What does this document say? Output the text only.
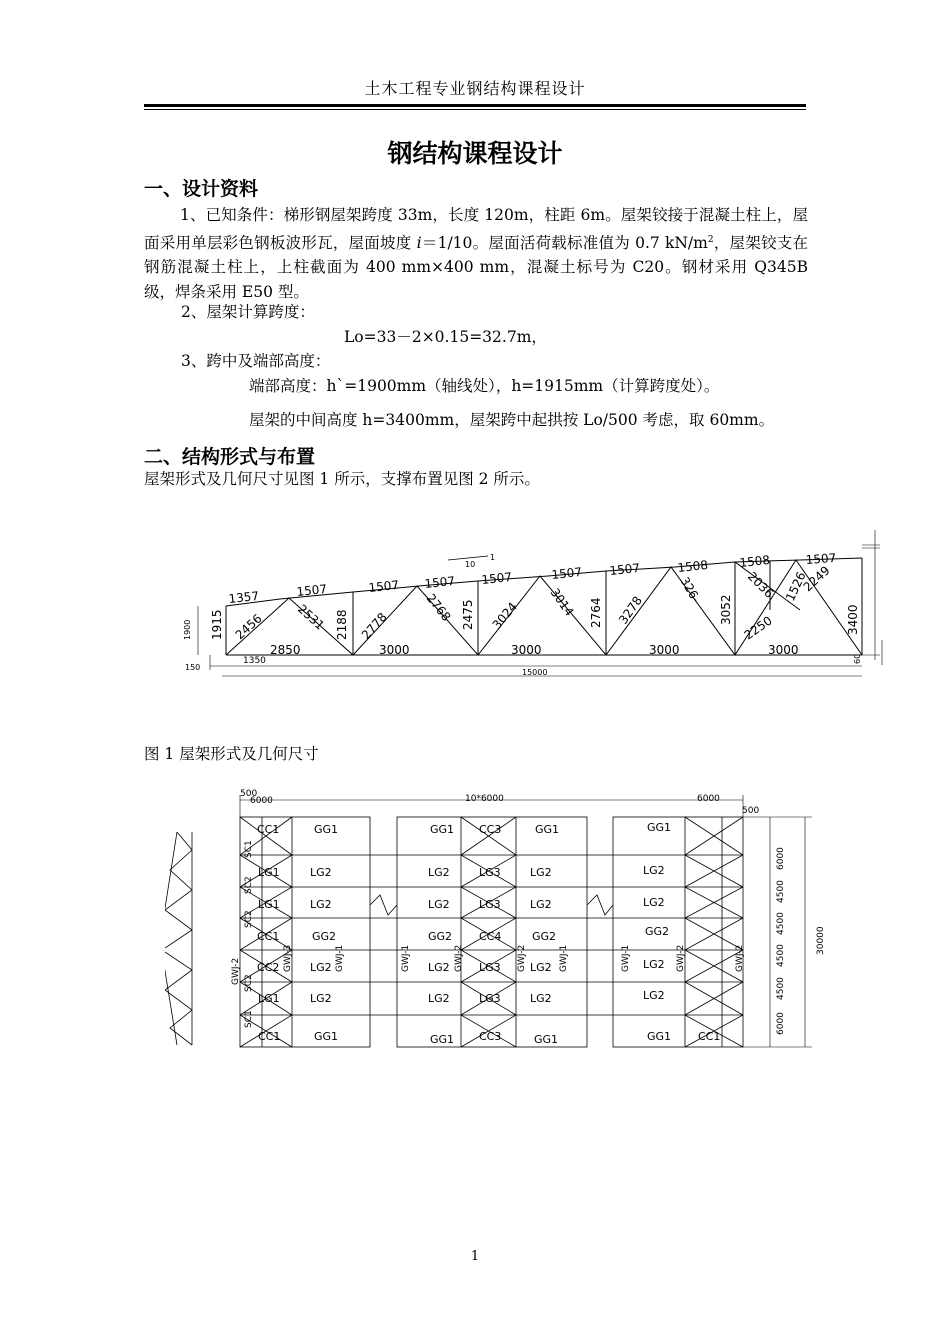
土木工程专业钢结构课程设计
钢结构课程设计
一、设计资料
1、已知条件：梯形钢屋架跨度 33m，长度 120m，柱距 6m。屋架铰接于混凝土柱上，屋面采用单层彩色钢板波形瓦，屋面坡度 i＝1/10。屋面活荷载标准值为 0.7 $kN/m^2$，屋架铰支在钢筋混凝土柱上，上柱截面为 400 mm×400 mm，混凝土标号为 C20。钢材采用 Q345B 级，焊条采用 E50 型。
2、屋架计算跨度：
Lo=33－2×0.15=32.7m，
3、跨中及端部高度：
端部高度：h`=1900mm（轴线处），h=1915mm（计算跨度处）。
屋架的中间高度 h=3400mm，屋架跨中起拱按 Lo/500 考虑，取 60mm。
二、结构形式与布置
屋架形式及几何尺寸见图 1 所示，支撑布置见图 2 所示。
10
1
1357	1507	1507 1507 1507	1507 1507	1508	1508	1507
2850	3000	3000	3000	3000
2456	2531 2188 2778
2768 2475 3024 3014 2764 3278
326-
3052
2036 1526
2250
2249
1915
1900	3400
15000
150
1350	60
图 1 屋架形式及几何尺寸
500
6000	10*6000	6000
500
6000
4500
4500
4500
4500
6000
30000
CC1
LG1
LG1
CC1
CC2
LG1
CC1
GG1
LG2
LG2
GG2
LG2
LG2
GG1
GG1
LG2
LG2
GG2
LG2
LG2
GG1
CC3
LG3
LG3
CC4
LG3
LG3
CC3
GG1
LG2
LG2
GG2
LG2
LG2
GG1
GG1
LG2
LG2
GG2
LG2
LG2
GG1 CC1
SC1
SC2
SC2
SC2
SC1
GWJ-2	GWJ-3	GWJ-1	GWJ-1	GWJ-2	GWJ-2	GWJ-1	GWJ-1	GWJ-2	GWJ-2
1
